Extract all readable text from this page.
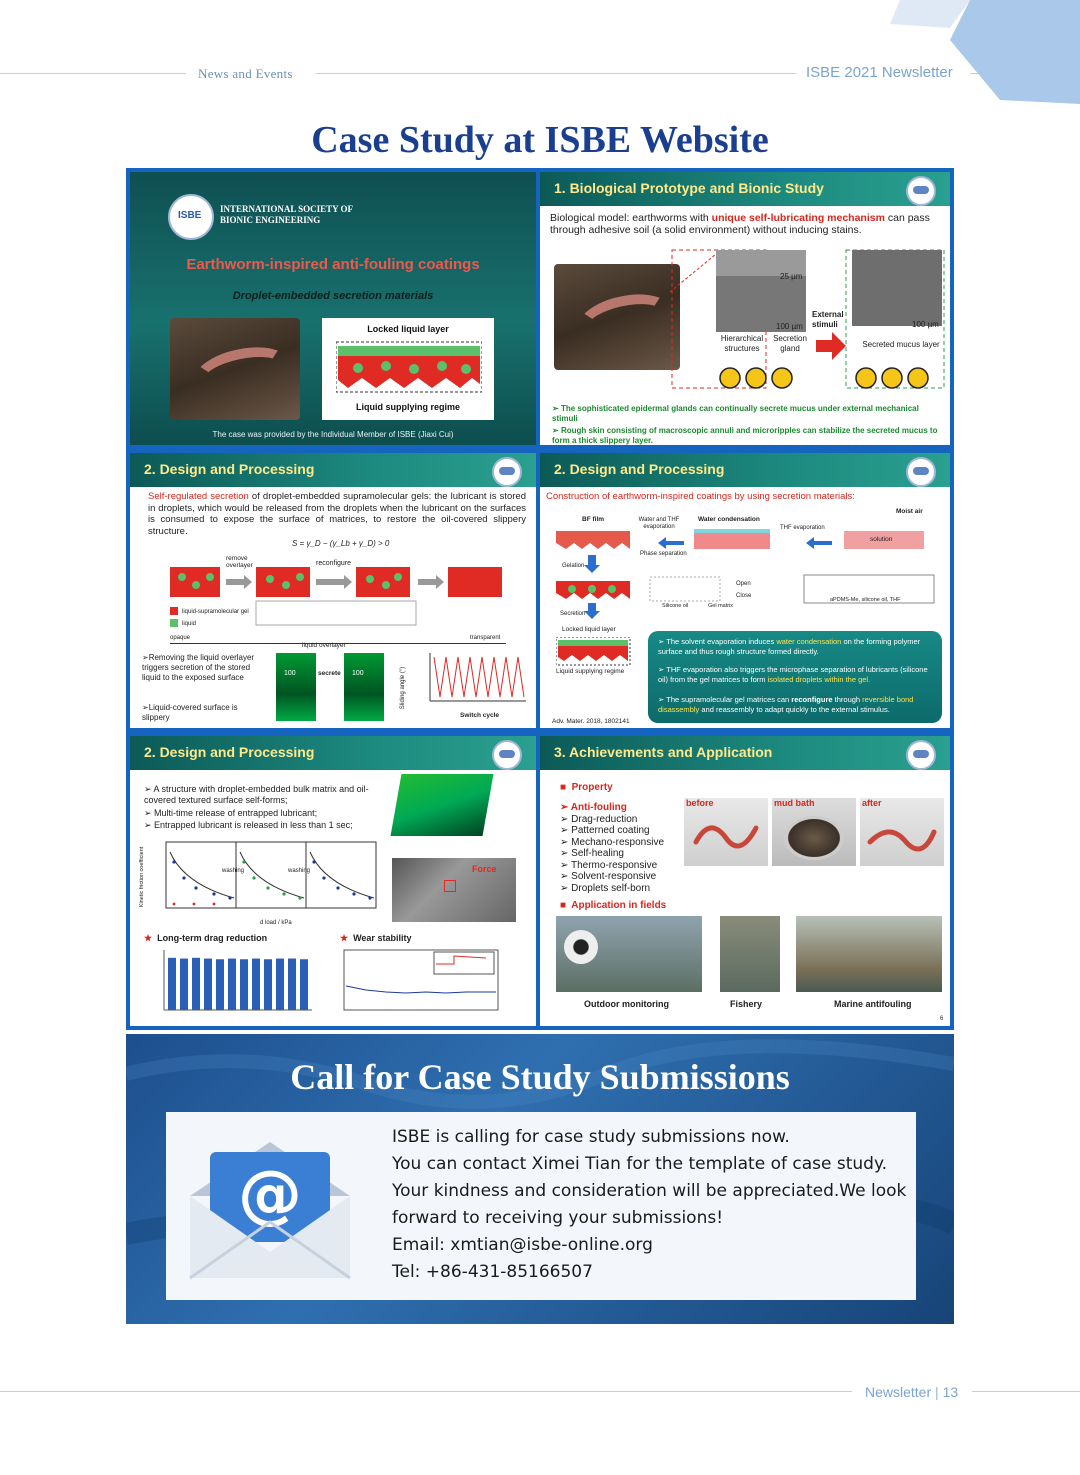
News and Events	ISBE 2021 Newsletter
Case Study at ISBE Website
ISBE
INTERNATIONAL SOCIETY OF
BIONIC ENGINEERING
Earthworm-inspired anti-fouling coatings
Droplet-embedded secretion materials
Locked liquid layer
Liquid supplying regime
The case was provided by the Individual Member of ISBE (Jiaxi Cui)
1. Biological Prototype and Bionic Study
Biological model: earthworms with unique self-lubricating mechanism can pass through adhesive soil (a solid environment) without inducing stains.
25 µm
100 µm	100 µm
Hierarchical structures
Secretion gland
External stimuli
Secreted mucus layer
➢ The sophisticated epidermal glands can continually secrete mucus under external mechanical stimuli
➢ Rough skin consisting of macroscopic annuli and microripples can stabilize the secreted mucus to form a thick slippery layer.
2. Design and Processing
Self-regulated secretion of droplet-embedded supramolecular gels: the lubricant is stored in droplets, which would be released from the droplets when the lubricant on the surfaces is consumed to expose the surface of matrices, to restore the oil-covered slippery structure.
S = γ_D − (γ_Lb + γ_D) > 0
remove overlayer	reconfigure
liquid-supramolecular gel
liquid
opaque	transparent
➢Removing the liquid overlayer triggers secretion of the stored liquid to the exposed surface
➢Liquid-covered surface is slippery
liquid overlayer
100	100
secrete	Sliding angle (°)
Switch cycle
2. Design and Processing
Construction of earthworm-inspired coatings by using secretion materials:
BF film	Water and THF evaporation
Water condensation
THF evaporation
Moist air
solution
Phase separation
Gelation
Open
Close
Silicone oil	Gel matrix
aPDMS-Me, silicone oil, THF
Secretion
Locked liquid layer
Liquid supplying regime
Adv. Mater. 2018, 1802141
➢ The solvent evaporation induces water condensation on the forming polymer surface and thus rough structure formed directly.
➢ THF evaporation also triggers the microphase separation of lubricants (silicone oil) from the gel matrices to form isolated droplets within the gel.
➢ The supramolecular gel matrices can reconfigure through reversible bond disassembly and reassembly to adapt quickly to the external stimulus.
2. Design and Processing
➢ A structure with droplet-embedded bulk matrix and oil-covered textured surface self-forms;
➢ Multi-time release of entrapped lubricant;
➢ Entrapped lubricant is released in less than 1 sec;
Force
washing	washing
Kinetic friction coefficient
d load / kPa
★ Long-term drag reduction	★ Wear stability
3. Achievements and Application
■  Property
➢ Anti-fouling
➢ Drag-reduction
➢ Patterned coating
➢ Mechano-responsive
➢ Self-healing
➢ Thermo-responsive
➢ Solvent-responsive
➢ Droplets self-born
before	mud bath	after
■  Application in fields
Outdoor monitoring	Fishery	Marine antifouling
6
Call for Case Study Submissions
@
ISBE is calling for case study submissions now.
You can contact Ximei Tian for the template of case study.
Your kindness and consideration will be appreciated.We look
forward to receiving your submissions!
Email: xmtian@isbe-online.org
Tel: +86-431-85166507
Newsletter | 13
